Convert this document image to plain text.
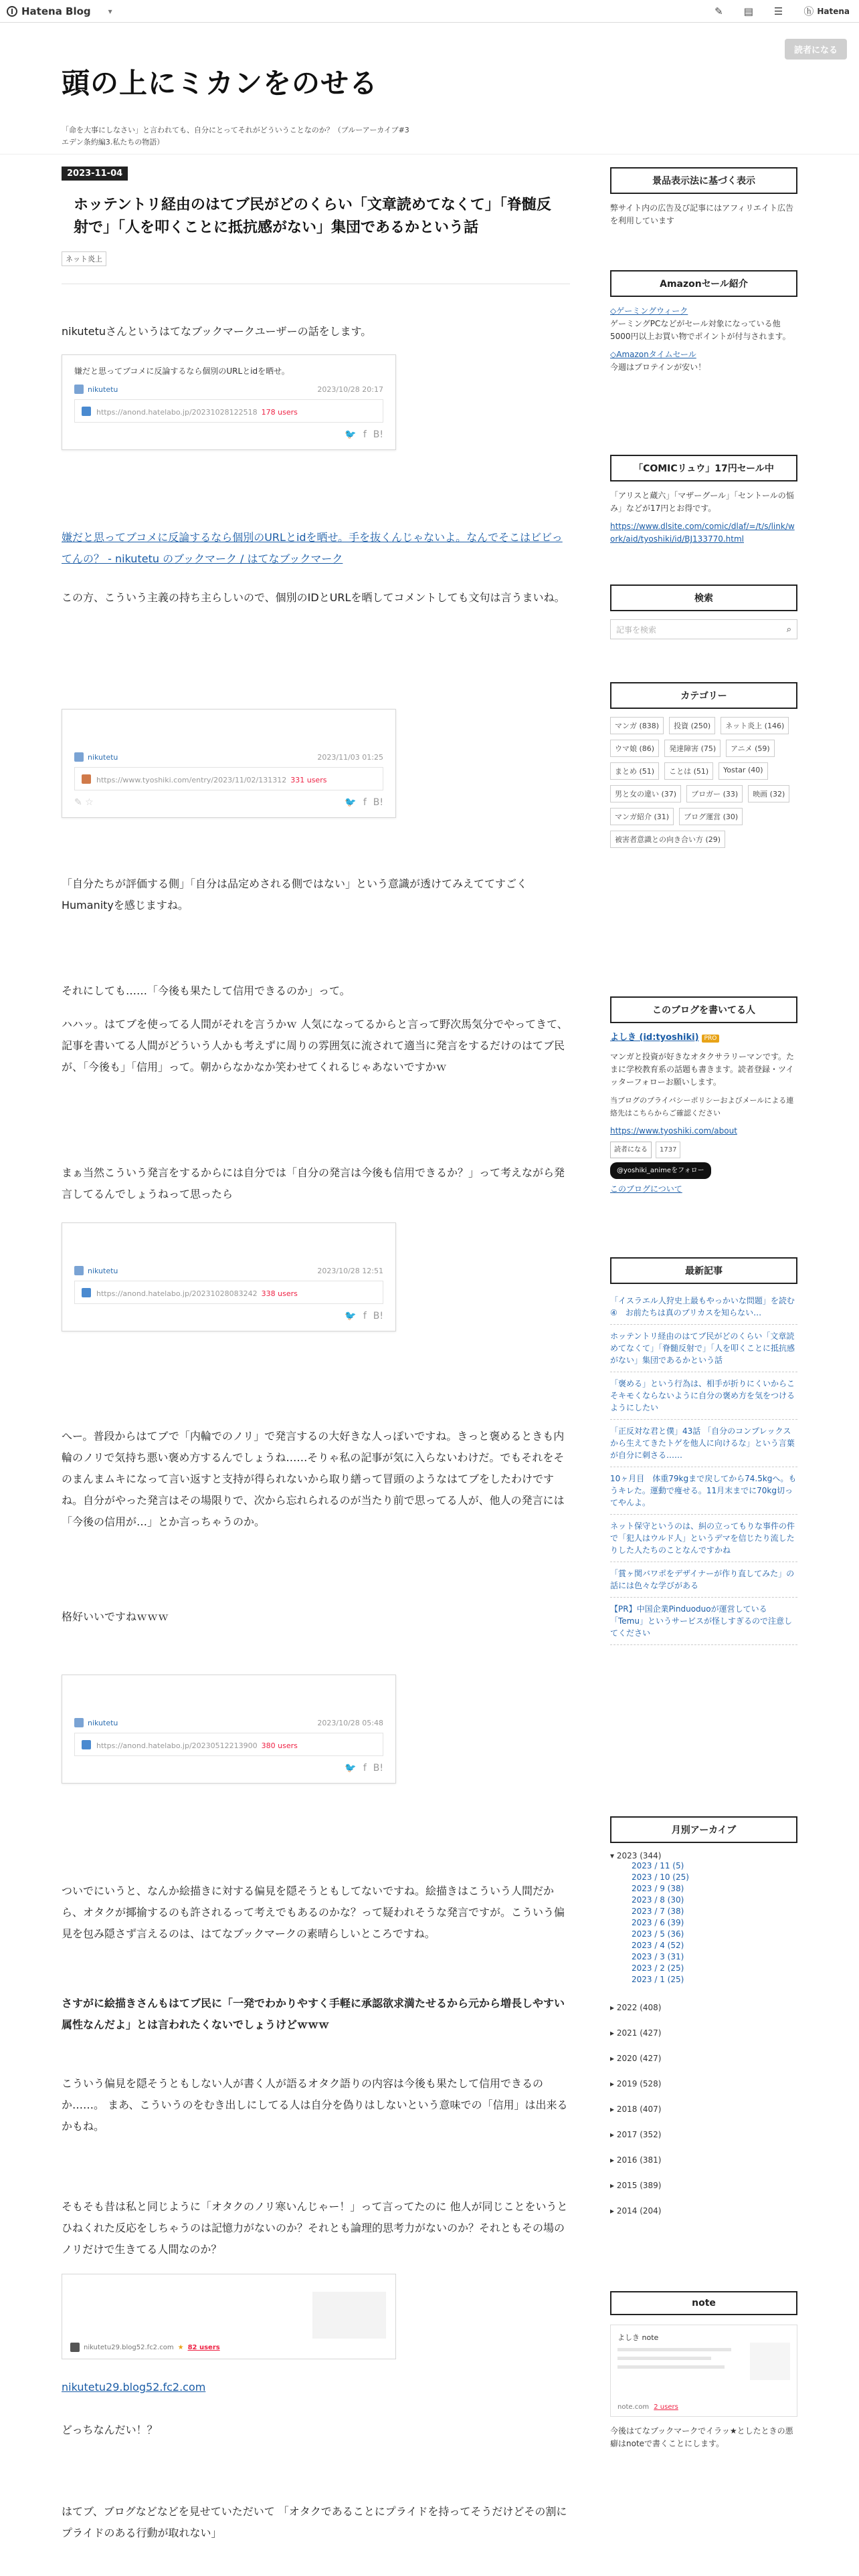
Hatena Blog ▾	✎ ▤ ☰ ⓗ Hatena
読者になる
頭の上にミカンをのせる

「命を大事にしなさい」と言われても、自分にとってそれがどういうことなのか？（ブルーアーカイブ#3 エデン条約編3.私たちの物語）

2023-11-04
ホッテントリ経由のはてブ民がどのくらい「文章読めてなくて」「脊髄反射で」「人を叩くことに抵抗感がない」集団であるかという話
ネット炎上

nikutetuさんというはてなブックマークユーザーの話をします。

嫌だと思ってブコメに反論するなら個別のURLとidを晒せ。
nikutetu	2023/10/28 20:17
https://anond.hatelabo.jp/20231028122518 178 users
🐦 f B!

嫌だと思ってブコメに反論するなら個別のURLとidを晒せ。手を抜くんじゃないよ。なんでそこはビビってんの？ - nikutetu のブックマーク / はてなブックマーク

この方、こういう主義の持ち主らしいので、個別のIDとURLを晒してコメントしても文句は言うまいね。

nikutetu	2023/11/03 01:25
https://www.tyoshiki.com/entry/2023/11/02/131312 331 users
✎ ☆	🐦 f B!

「自分たちが評価する側」「自分は品定めされる側ではない」という意識が透けてみえててすごくHumanityを感じますね。

それにしても……「今後も果たして信用できるのか」って。

ハハッ。はてブを使ってる人間がそれを言うかｗ 人気になってるからと言って野次馬気分でやってきて、記事を書いてる人間がどういう人かも考えずに周りの雰囲気に流されて適当に発言をするだけのはてブ民が、「今後も」「信用」って。朝からなかなか笑わせてくれるじゃあないですかｗ

まぁ当然こういう発言をするからには自分では「自分の発言は今後も信用できるか？」って考えながら発言してるんでしょうねって思ったら

nikutetu	2023/10/28 12:51
https://anond.hatelabo.jp/20231028083242 338 users
🐦 f B!

へー。普段からはてブで「内輪でのノリ」で発言するの大好きな人っぽいですね。きっと褒めるときも内輪のノリで気持ち悪い褒め方するんでしょうね……そりゃ私の記事が気に入らないわけだ。でもそれをそのまんまムキになって言い返すと支持が得られないから取り繕って冒頭のようなはてブをしたわけですね。自分がやった発言はその場限りで、次から忘れられるのが当たり前で思ってる人が、他人の発言には「今後の信用が…」とか言っちゃうのか。

格好いいですねｗｗｗ

nikutetu	2023/10/28 05:48
https://anond.hatelabo.jp/20230512213900 380 users
🐦 f B!

ついでにいうと、なんか絵描きに対する偏見を隠そうともしてないですね。絵描きはこういう人間だから、オタクが揶揄するのも許されるって考えでもあるのかな？って疑われそうな発言ですが。こういう偏見を包み隠さず言えるのは、はてなブックマークの素晴らしいところですね。

さすがに絵描きさんもはてブ民に「一発でわかりやすく手軽に承認欲求満たせるから元から増長しやすい属性なんだよ」とは言われたくないでしょうけどｗｗｗ

こういう偏見を隠そうともしない人が書く人が語るオタク語りの内容は今後も果たして信用できるのか……。 まあ、こういうのをむき出しにしてる人は自分を偽りはしないという意味での「信用」は出来るかもね。

そもそも昔は私と同じように「オタクのノリ寒いんじゃー！」って言ってたのに 他人が同じことをいうとひねくれた反応をしちゃうのは記憶力がないのか？それとも論理的思考力がないのか？それともその場のノリだけで生きてる人間なのか？

nikutetu29.blog52.fc2.com ★ 82 users

nikutetu29.blog52.fc2.com

どっちなんだい！？

はてブ、ブログなどなどを見せていただいて 「オタクであることにプライドを持ってそうだけどその割にプライドのある行動が取れない」

景品表示法に基づく表示

弊サイト内の広告及び記事にはアフィリエイト広告を利用しています

Amazonセール紹介
◇ゲーミングウィーク

ゲーミングPCなどがセール対象になっている他 5000円以上お買い物でポイントが付与されます。

◇Amazonタイムセール

今週はプロテインが安い！

「COMICリュウ」17円セール中

「アリスと蔵六」「マザーグール」「セントールの悩み」などが17円とお得です。

https://www.dlsite.com/comic/dlaf/=/t/s/link/work/aid/tyoshiki/id/BJ133770.html
検索
記事を検索	⌕
カテゴリー
マンガ (838)	投資 (250)	ネット炎上 (146)
ウマ娘 (86)	発達障害 (75)	アニメ (59)
まとめ (51)	ことは (51)	Yostar (40)
男と女の違い (37)	ブロガー (33)	映画 (32)
マンガ紹介 (31)	ブログ運営 (30)
被害者意識との向き合い方 (29)
このブログを書いてる人

よしき (id:tyoshiki) PRO

マンガと投資が好きなオタクサラリーマンです。たまに学校教育系の話題も書きます。読者登録・ツイッターフォローお願いします。

当ブログのプライバシーポリシーおよびメールによる連絡先はこちらからご確認ください

https://www.tyoshiki.com/about
読者になる	1737
@yoshiki_animeをフォロー

このブログについて

最新記事
「イスラエル人狩史上最もやっかいな問題」を読む④　お前たちは真のブリカスを知らない…
ホッテントリ経由のはてブ民がどのくらい「文章読めてなくて」「脊髄反射で」「人を叩くことに抵抗感がない」集団であるかという話
「褒める」という行為は、相手が折りにくいからこそキモくならないように自分の褒め方を気をつけるようにしたい
「正反対な君と僕」43話 「自分のコンプレックスから生えてきたトゲを他人に向けるな」という言葉が自分に刺さる……
10ヶ月目　体重79kgまで戻してから74.5kgへ。もうキレた。運動で痩せる。11月末までに70kg切ってやんよ。
ネット保守というのは、糾の立ってもりな事件の件で「犯人はウルド人」というデマを信じたり流したりした人たちのことなんですかね
「賞ヶ関バワポをデザイナーが作り直してみた」の話には色々な学びがある
【PR】中国企業Pinduoduoが運営している「Temu」というサービスが怪しすぎるので注意してください
月別アーカイブ
▾ 2023 (344)
2023 / 11 (5)
2023 / 10 (25)
2023 / 9 (38)
2023 / 8 (30)
2023 / 7 (38)
2023 / 6 (39)
2023 / 5 (36)
2023 / 4 (52)
2023 / 3 (31)
2023 / 2 (25)
2023 / 1 (25)
▸ 2022 (408)
▸ 2021 (427)
▸ 2020 (427)
▸ 2019 (528)
▸ 2018 (407)
▸ 2017 (352)
▸ 2016 (381)
▸ 2015 (389)
▸ 2014 (204)
note
よしき note
note.com 2 users

今後はてなブックマークでイラッ★としたときの悪癖はnoteで書くことにします。
